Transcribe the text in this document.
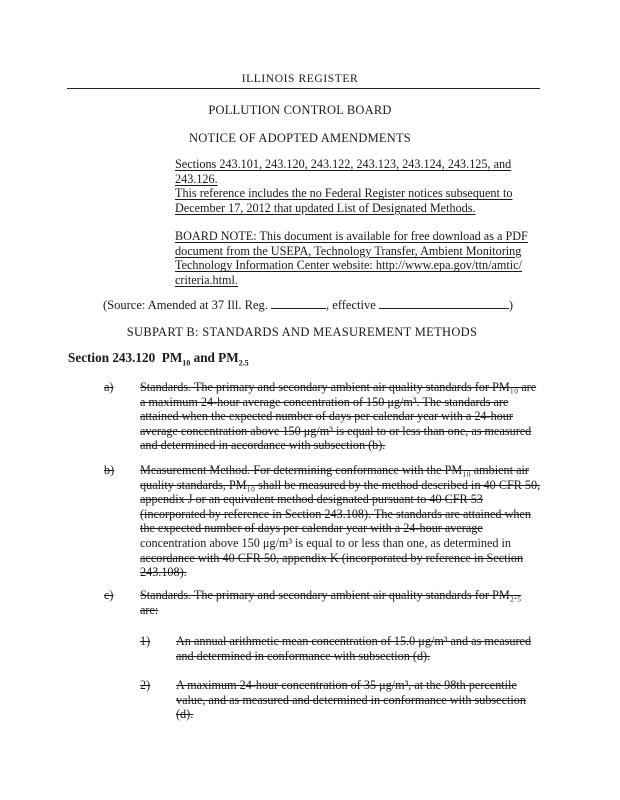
ILLINOIS REGISTER
POLLUTION CONTROL BOARD
NOTICE OF ADOPTED AMENDMENTS
Sections 243.101, 243.120, 243.122, 243.123, 243.124, 243.125, and
243.126.
This reference includes the no Federal Register notices subsequent to
December 17, 2012 that updated List of Designated Methods.
BOARD NOTE: This document is available for free download as a PDF
document from the USEPA, Technology Transfer, Ambient Monitoring
Technology Information Center website: http://www.epa.gov/ttn/amtic/
criteria.html.
(Source: Amended at 37 Ill. Reg.	, effective	)
SUBPART B: STANDARDS AND MEASUREMENT METHODS
Section 243.120 $PM_{10}$ and $PM_{2.5}$
a) Standards. The primary and secondary ambient air quality standards for PM₁₀ are
a maximum 24-hour average concentration of 150 μg/m³. The standards are
attained when the expected number of days per calendar year with a 24-hour
average concentration above 150 μg/m³ is equal to or less than one, as measured
and determined in accordance with subsection (b).
b) Measurement Method. For determining conformance with the PM₁₀ ambient air
quality standards, PM₁₀ shall be measured by the method described in 40 CFR 50,
appendix J or an equivalent method designated pursuant to 40 CFR 53
(incorporated by reference in Section 243.108). The standards are attained when
the expected number of days per calendar year with a 24-hour average
concentration above 150 μg/m³ is equal to or less than one, as determined in
accordance with 40 CFR 50, appendix K (incorporated by reference in Section
243.108).
c) Standards. The primary and secondary ambient air quality standards for PM₂.₅
are:
1) An annual arithmetic mean concentration of 15.0 μg/m³ and as measured
and determined in conformance with subsection (d).
2) A maximum 24-hour concentration of 35 μg/m³, at the 98th percentile
value, and as measured and determined in conformance with subsection
(d).
